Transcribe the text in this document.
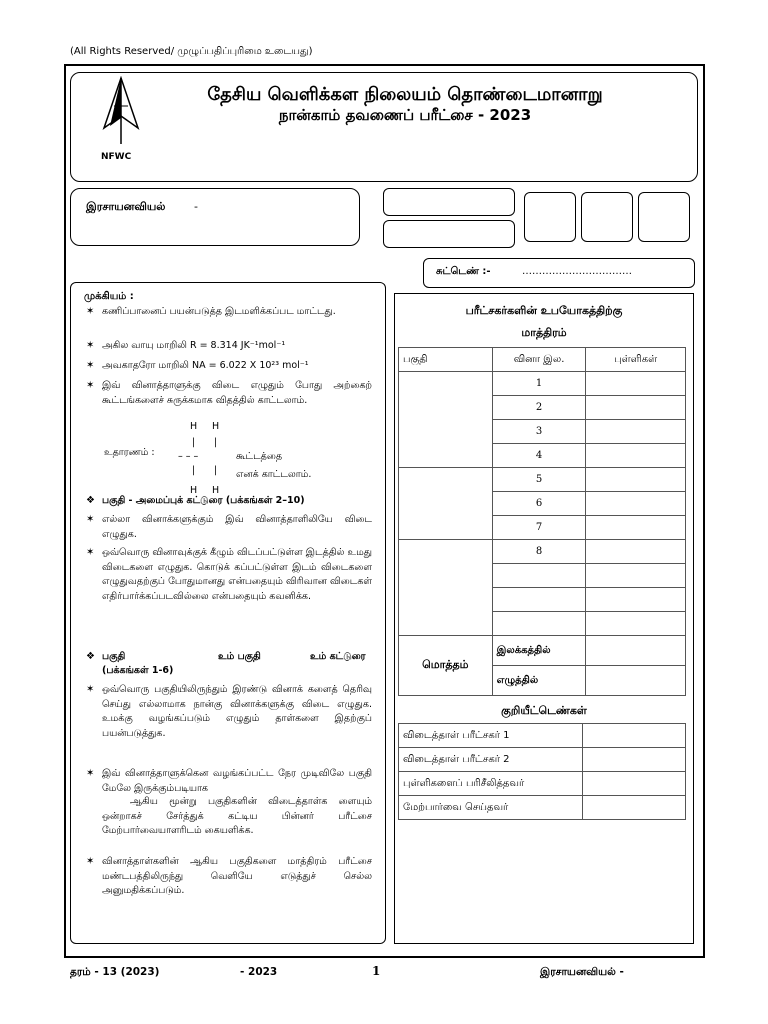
(All Rights Reserved/ முழுப்பதிப்புரிமை உடையது)
NFWC
தேசிய வெளிக்கள நிலையம் தொண்டைமானாறு
நான்காம் தவணைப் பரீட்சை - 2023
இரசாயனவியல்	-
சுட்டெண் :-	……………………………
முக்கியம் :
✶ கணிப்பானைப் பயன்படுத்த இடமளிக்கப்பட மாட்டது.
✶ அகில வாயு மாறிலி R = 8.314 JK⁻¹mol⁻¹
✶ அவகாதரோ மாறிலி NA = 6.022 X 10²³ mol⁻¹
✶ இவ் வினாத்தாளுக்கு விடை எழுதும் போது அற்கைற் கூட்டங்களைச் சுருக்கமாக விதத்தில் காட்டலாம்.
H H
| |
உதாரணம் : – – –	கூட்டத்தை
| | எனக் காட்டலாம்.
H H
❖ பகுதி - அமைப்புக் கட்டுரை (பக்கங்கள் 2–10)
✶ எல்லா வினாக்களுக்கும் இவ் வினாத்தாளிலியே விடை எழுதுக.
✶ ஒவ்வொரு வினாவுக்குக் கீழும் விடப்பட்டுள்ள இடத்தில் உமது விடைகளை எழுதுக. கொடுக் கப்பட்டுள்ள இடம் விடைகளை எழுதுவதற்குப் போதுமானது என்பதையும் விரிவான விடைகள் எதிர்பார்க்கப்படவில்லை என்பதையும் கவனிக்க.
❖ பகுதி	உம் பகுதி	உம் கட்டுரை
(பக்கங்கள் 1-6)
✶ ஒவ்வொரு பகுதியிலிருந்தும் இரண்டு வினாக் களைத் தெரிவு செய்து எல்லாமாக நான்கு வினாக்களுக்கு விடை எழுதுக. உமக்கு வழங்கப்படும் எழுதும் தாள்களை இதற்குப் பயன்படுத்துக.
✶ இவ் வினாத்தாளுக்கென வழங்கப்பட்ட நேர முடிவிலே பகுதி மேலே இருக்கும்படியாக
ஆகிய மூன்று பகுதிகளின் விடைத்தாள்க ளையும் ஒன்றாகச் சேர்த்துக் கட்டிய பின்னர் பரீட்சை மேற்பார்வையாளரிடம் கையளிக்க.
✶ வினாத்தாள்களின் ஆகிய பகுதிகளை மாத்திரம் பரீட்சை மண்டபத்திலிருந்து வெளியே எடுத்துச் செல்ல அனுமதிக்கப்படும்.
பரீட்சகர்களின் உபயோகத்திற்கு
மாத்திரம்
பகுதி	வினா இல.	புள்ளிகள்
	1	
	2	
	3	
	4	
	5	
	6	
	7	
	8	

மொத்தம்	இலக்கத்தில்	
	எழுத்தில்	
குறியீட்டெண்கள்
விடைத்தாள் பரீட்சகர் 1	
விடைத்தாள் பரீட்சகர் 2	
புள்ளிகளைப் பரிசீலித்தவர்	
மேற்பார்வை செய்தவர்	
தரம் - 13 (2023)	- 2023	1	இரசாயனவியல் -
